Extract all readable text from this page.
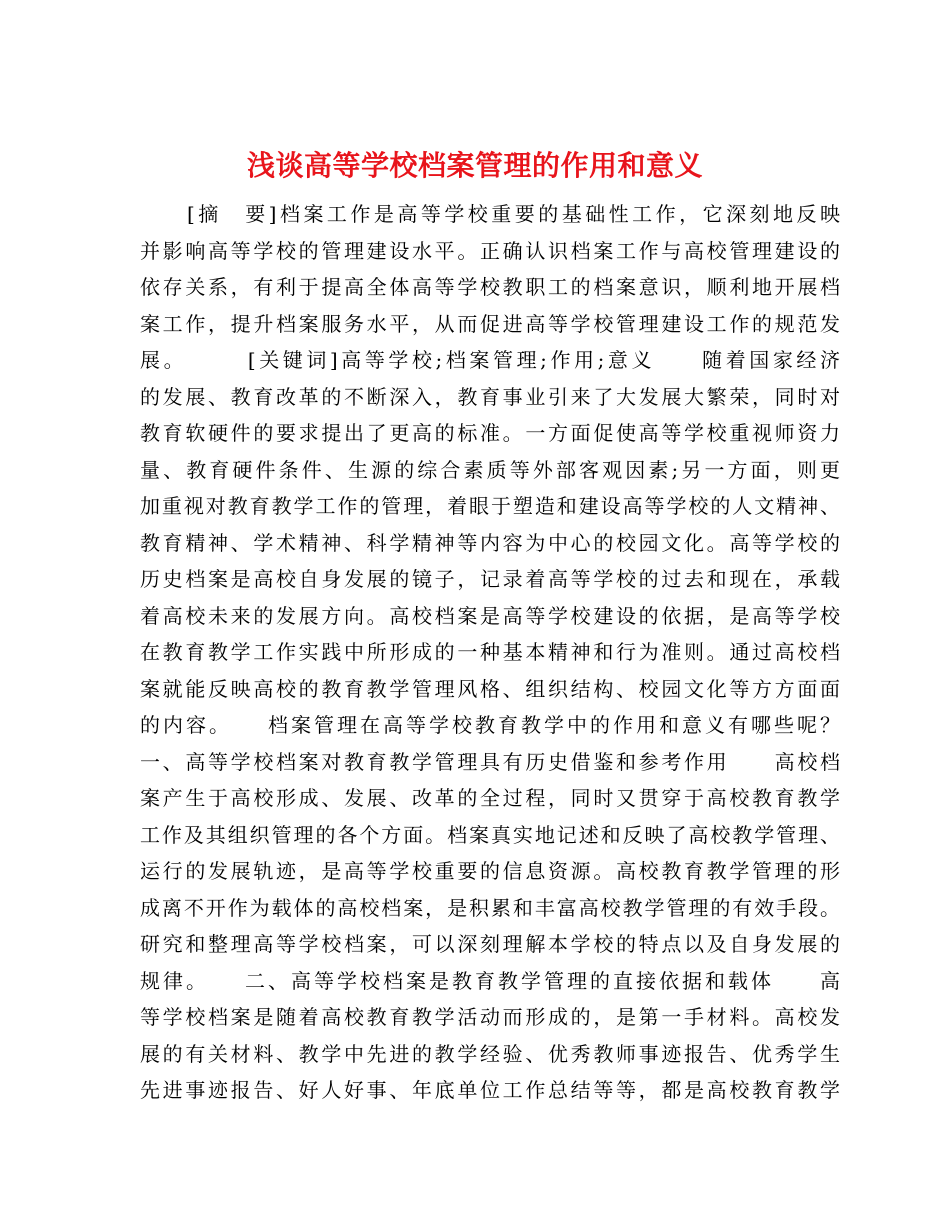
浅谈高等学校档案管理的作用和意义
　　[摘　要]档案工作是高等学校重要的基础性工作，它深刻地反映
并影响高等学校的管理建设水平。正确认识档案工作与高校管理建设的
依存关系，有利于提高全体高等学校教职工的档案意识，顺利地开展档
案工作，提升档案服务水平，从而促进高等学校管理建设工作的规范发
展。　　　[关键词]高等学校;档案管理;作用;意义　　随着国家经济
的发展、教育改革的不断深入，教育事业引来了大发展大繁荣，同时对
教育软硬件的要求提出了更高的标准。一方面促使高等学校重视师资力
量、教育硬件条件、生源的综合素质等外部客观因素;另一方面，则更
加重视对教育教学工作的管理，着眼于塑造和建设高等学校的人文精神、
教育精神、学术精神、科学精神等内容为中心的校园文化。高等学校的
历史档案是高校自身发展的镜子，记录着高等学校的过去和现在，承载
着高校未来的发展方向。高校档案是高等学校建设的依据，是高等学校
在教育教学工作实践中所形成的一种基本精神和行为准则。通过高校档
案就能反映高校的教育教学管理风格、组织结构、校园文化等方方面面
的内容。　　档案管理在高等学校教育教学中的作用和意义有哪些呢？
一、高等学校档案对教育教学管理具有历史借鉴和参考作用　　高校档
案产生于高校形成、发展、改革的全过程，同时又贯穿于高校教育教学
工作及其组织管理的各个方面。档案真实地记述和反映了高校教学管理、
运行的发展轨迹，是高等学校重要的信息资源。高校教育教学管理的形
成离不开作为载体的高校档案，是积累和丰富高校教学管理的有效手段。
研究和整理高等学校档案，可以深刻理解本学校的特点以及自身发展的
规律。　　二、高等学校档案是教育教学管理的直接依据和载体　　高
等学校档案是随着高校教育教学活动而形成的，是第一手材料。高校发
展的有关材料、教学中先进的教学经验、优秀教师事迹报告、优秀学生
先进事迹报告、好人好事、年底单位工作总结等等，都是高校教育教学
